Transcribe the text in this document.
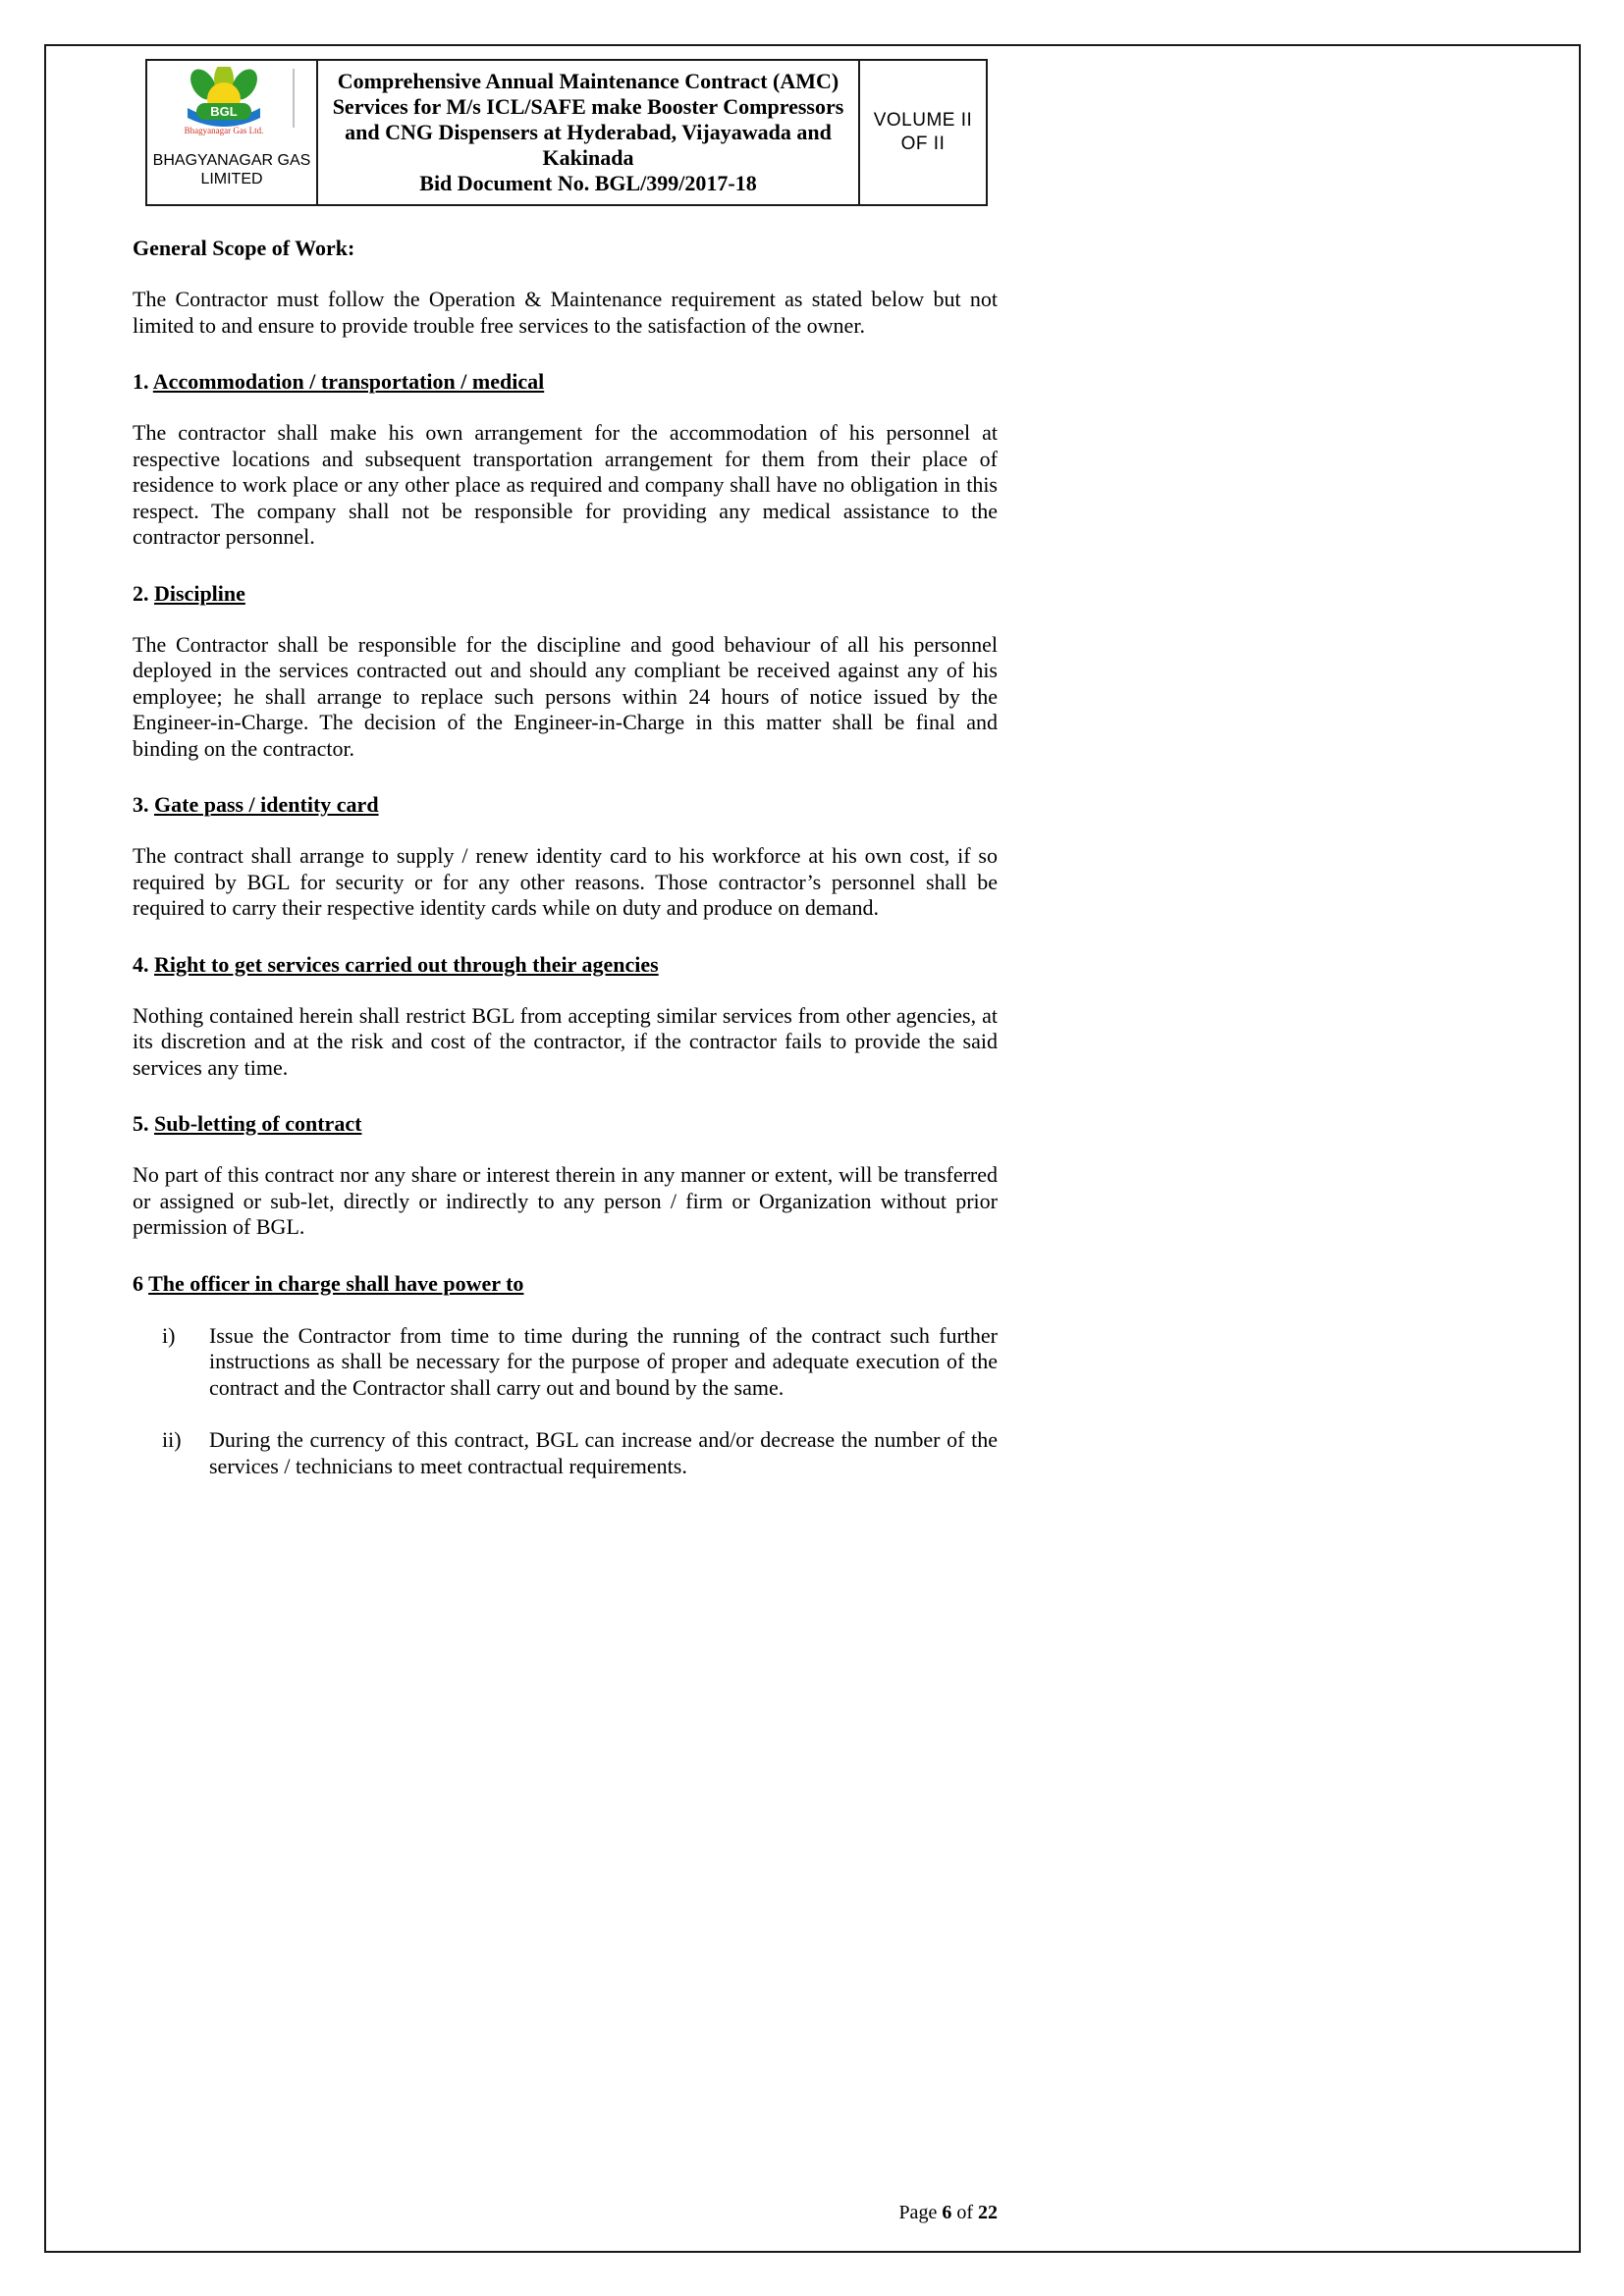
BGL
Bhagyanagar Gas Ltd.
BHAGYANAGAR GAS LIMITED
Comprehensive Annual Maintenance Contract (AMC) Services for M/s ICL/SAFE make Booster Compressors and CNG Dispensers at Hyderabad, Vijayawada and Kakinada
Bid Document No. BGL/399/2017-18
VOLUME II
OF II
General Scope of Work:

The Contractor must follow the Operation & Maintenance requirement as stated below but not limited to and ensure to provide trouble free services to the satisfaction of the owner.

1. Accommodation / transportation / medical

The contractor shall make his own arrangement for the accommodation of his personnel at respective locations and subsequent transportation arrangement for them from their place of residence to work place or any other place as required and company shall have no obligation in this respect. The company shall not be responsible for providing any medical assistance to the contractor personnel.

2. Discipline

The Contractor shall be responsible for the discipline and good behaviour of all his personnel deployed in the services contracted out and should any compliant be received against any of his employee; he shall arrange to replace such persons within 24 hours of notice issued by the Engineer-in-Charge. The decision of the Engineer-in-Charge in this matter shall be final and binding on the contractor.

3. Gate pass / identity card

The contract shall arrange to supply / renew identity card to his workforce at his own cost, if so required by BGL for security or for any other reasons. Those contractor’s personnel shall be required to carry their respective identity cards while on duty and produce on demand.

4. Right to get services carried out through their agencies

Nothing contained herein shall restrict BGL from accepting similar services from other agencies, at its discretion and at the risk and cost of the contractor, if the contractor fails to provide the said services any time.

5. Sub-letting of contract

No part of this contract nor any share or interest therein in any manner or extent, will be transferred or assigned or sub-let, directly or indirectly to any person / firm or Organization without prior permission of BGL.

6 The officer in charge shall have power to
i)	Issue the Contractor from time to time during the running of the contract such further instructions as shall be necessary for the purpose of proper and adequate execution of the contract and the Contractor shall carry out and bound by the same.
ii)	During the currency of this contract, BGL can increase and/or decrease the number of the services / technicians to meet contractual requirements.
Page 6 of 22
